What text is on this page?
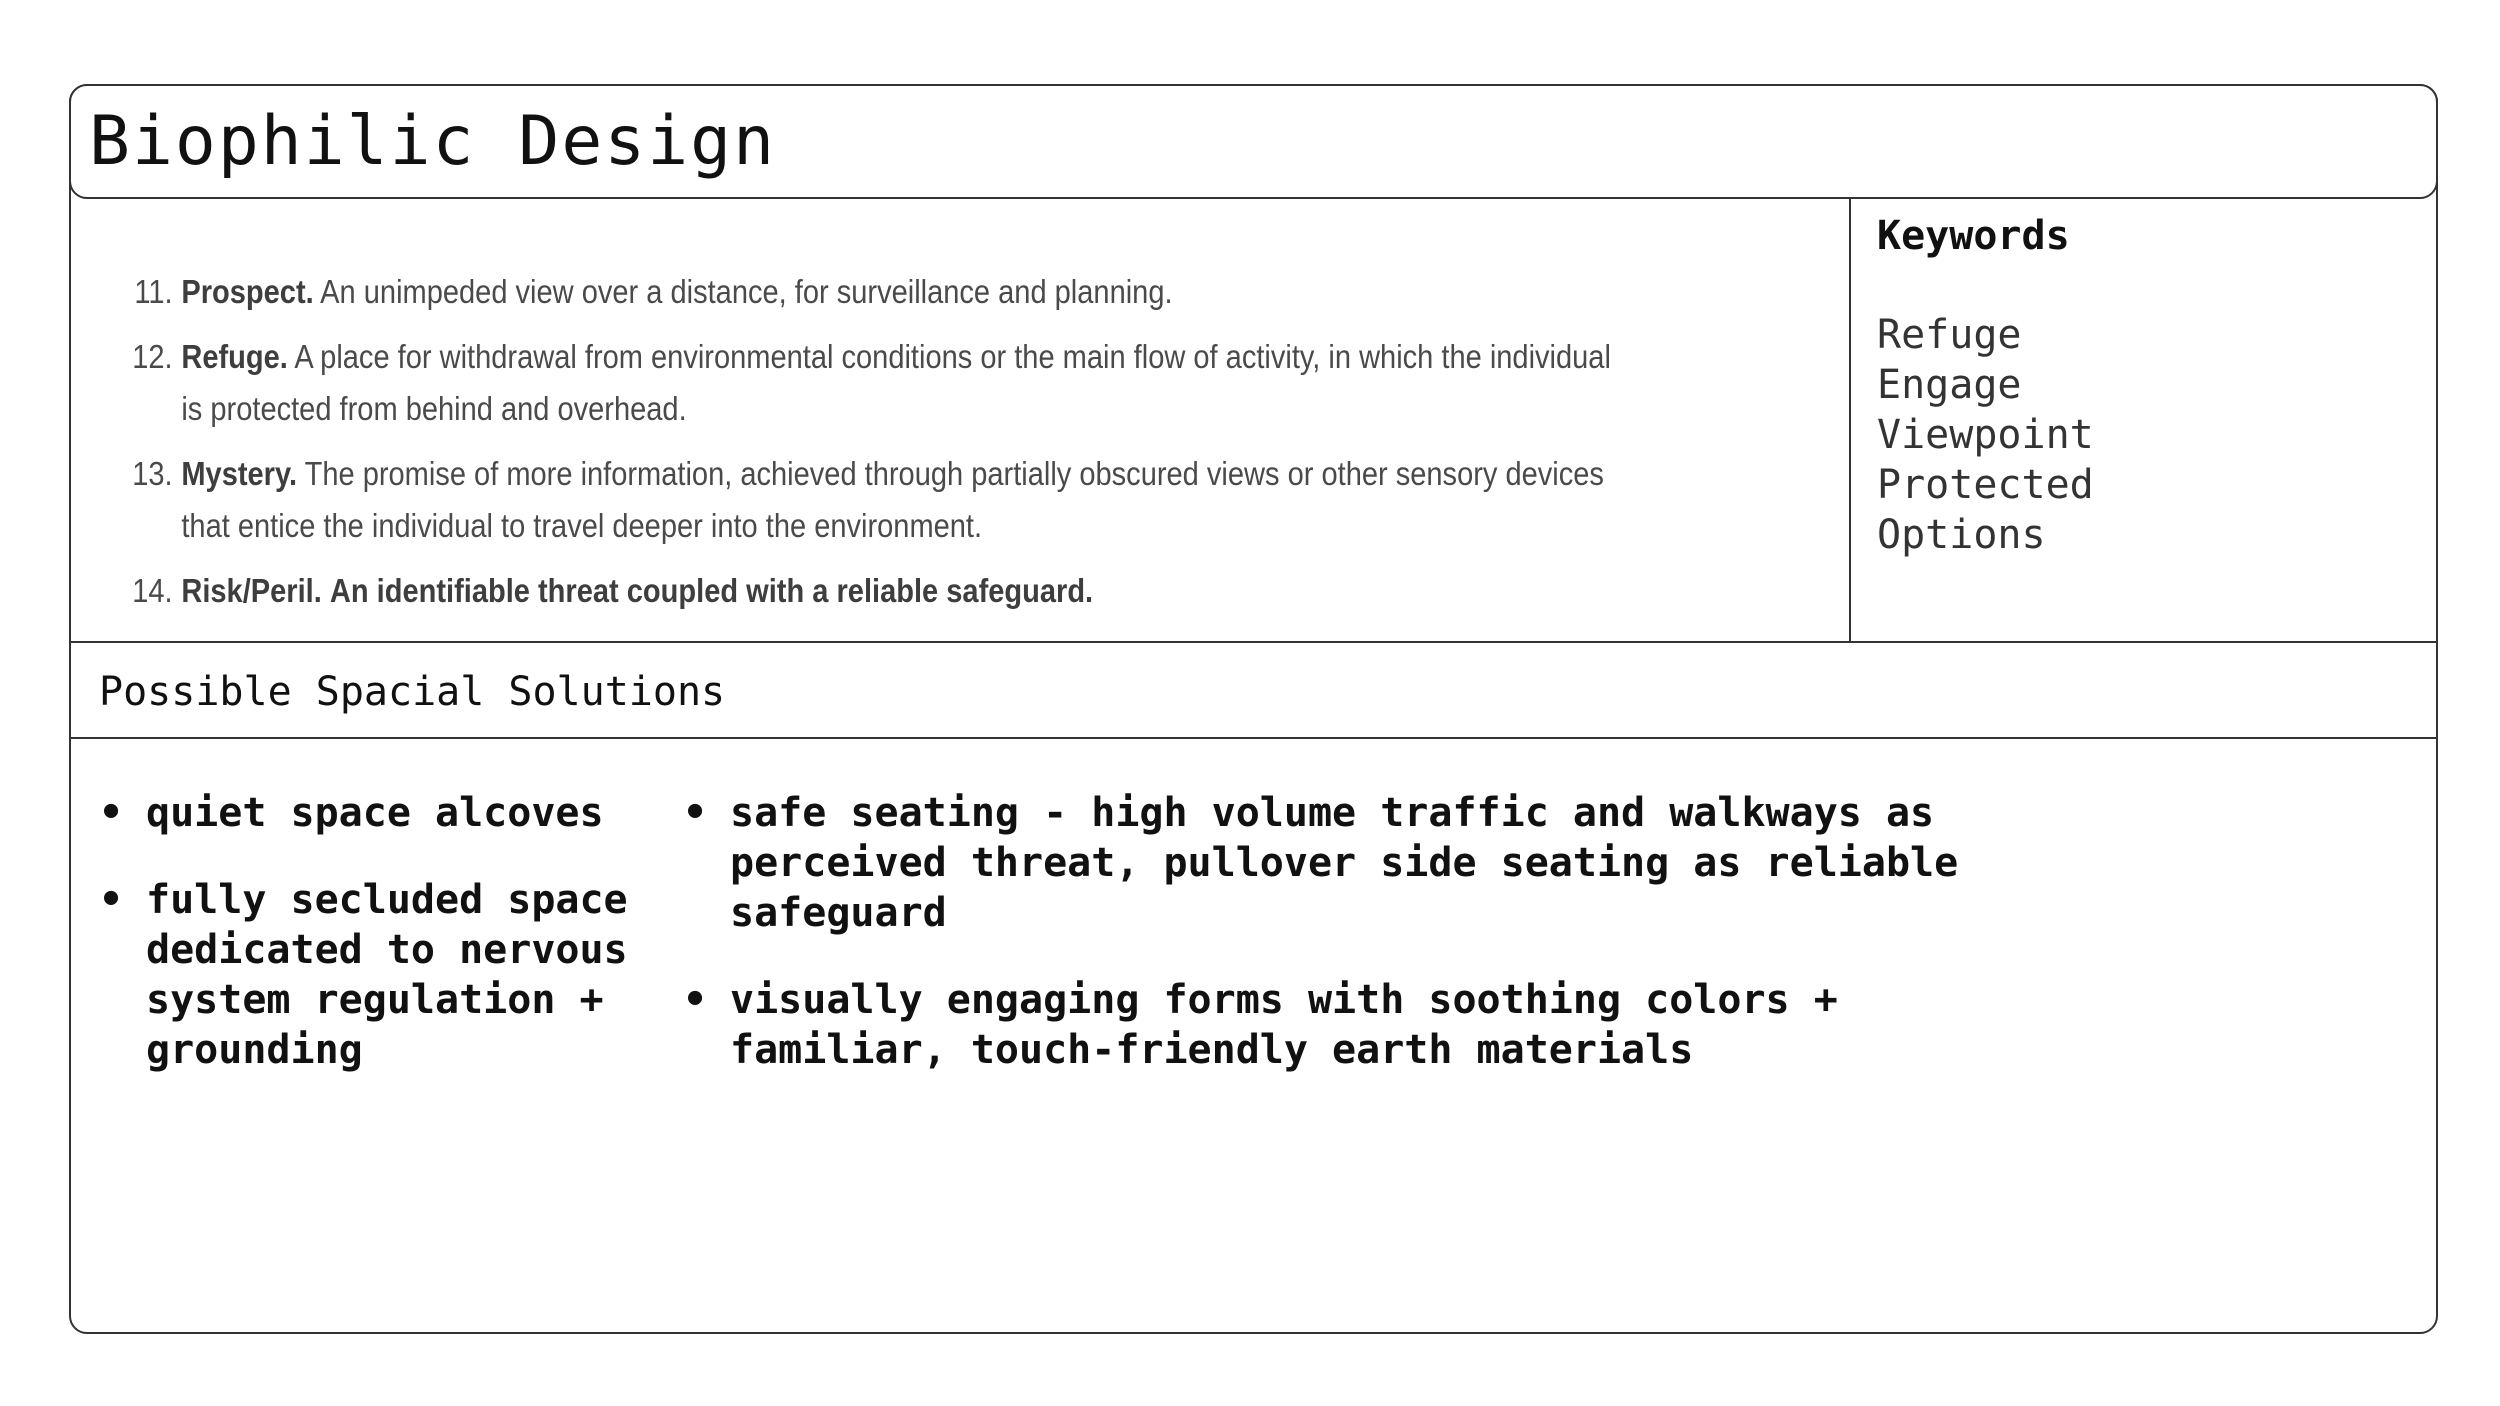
Biophilic Design
11. Prospect. An unimpeded view over a distance, for surveillance and planning.
12. Refuge. A place for withdrawal from environmental conditions or the main flow of activity, in which the individual is protected from behind and overhead.
13. Mystery. The promise of more information, achieved through partially obscured views or other sensory devices that entice the individual to travel deeper into the environment.
14. Risk/Peril. An identifiable threat coupled with a reliable safeguard.
Keywords
Refuge
Engage
Viewpoint
Protected
Options
Possible Spacial Solutions
• quiet space alcoves
• fully secluded space dedicated to nervous system regulation + grounding
• safe seating - high volume traffic and walkways as perceived threat, pullover side seating as reliable safeguard
• visually engaging forms with soothing colors + familiar, touch-friendly earth materials
